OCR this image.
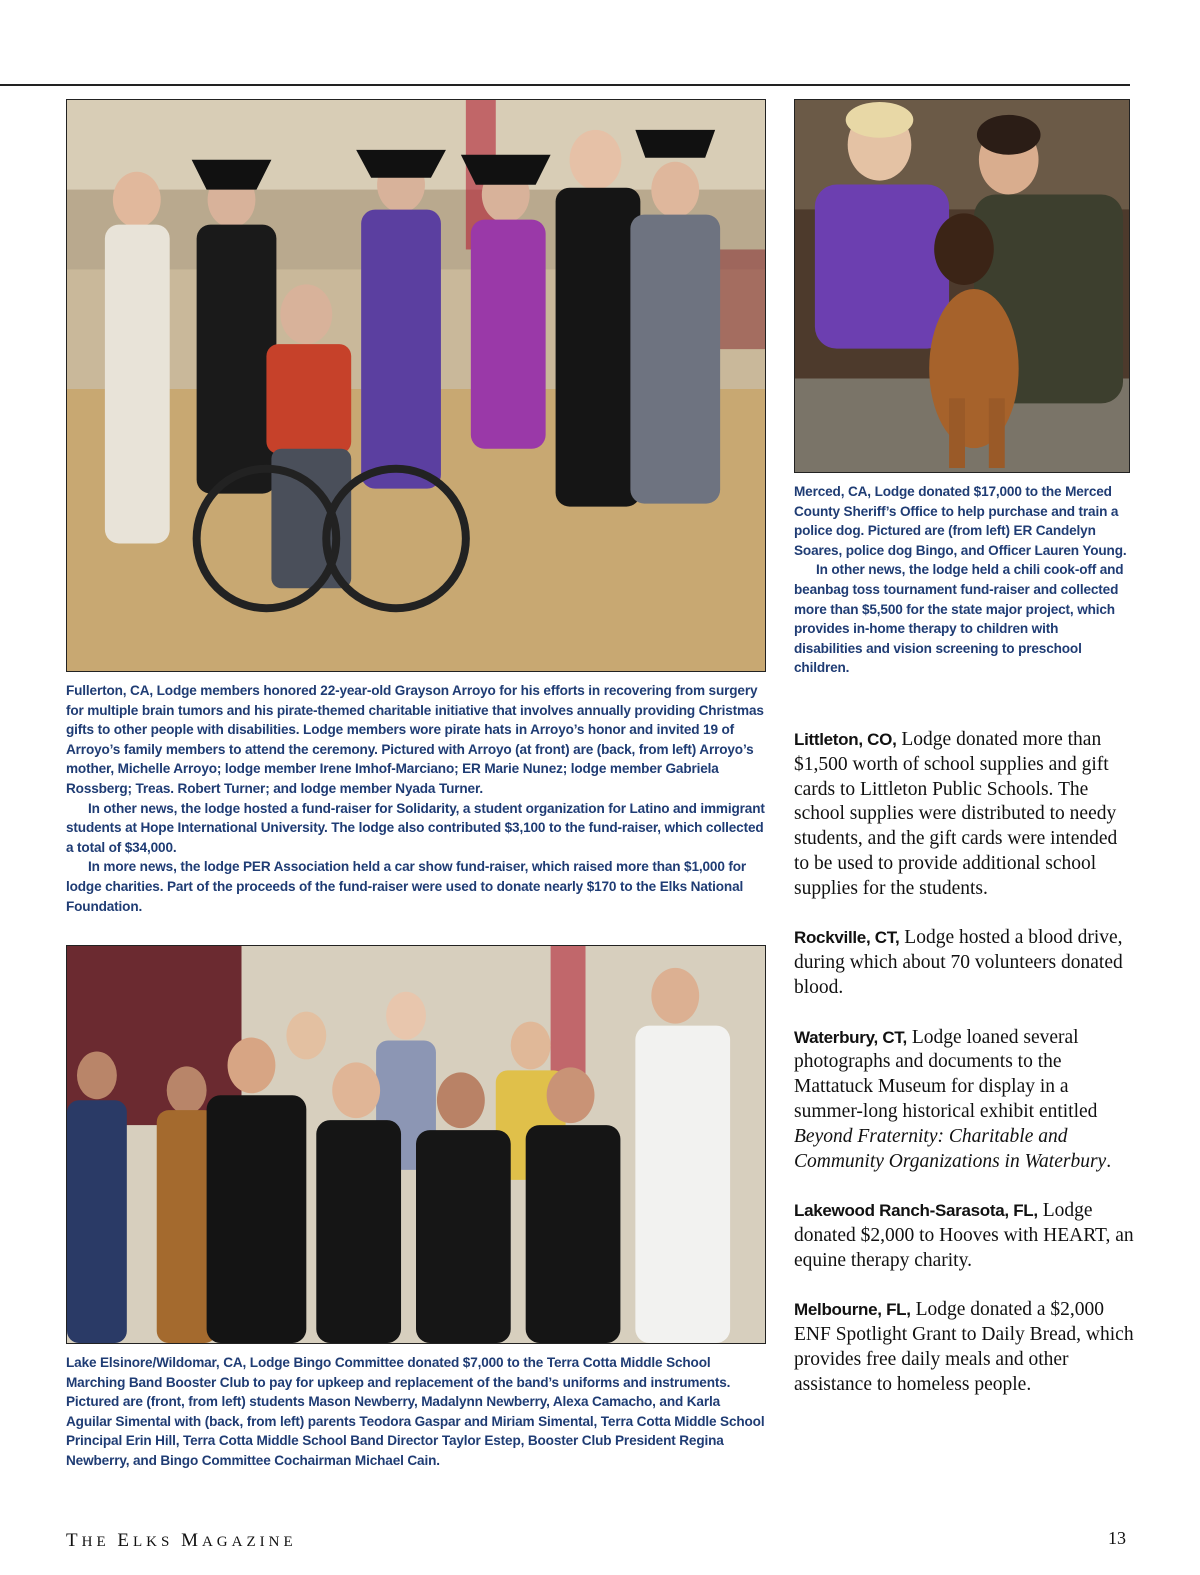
Fullerton, CA, Lodge members honored 22-year-old Grayson Arroyo for his efforts in recovering from surgery for multiple brain tumors and his pirate-themed charitable initiative that involves annually providing Christmas gifts to other people with disabilities. Lodge members wore pirate hats in Arroyo’s honor and invited 19 of Arroyo’s family members to attend the ceremony. Pictured with Arroyo (at front) are (back, from left) Arroyo’s mother, Michelle Arroyo; lodge member Irene Imhof-Marciano; ER Marie Nunez; lodge member Gabriela Rossberg; Treas. Robert Turner; and lodge member Nyada Turner.

In other news, the lodge hosted a fund-raiser for Solidarity, a student organization for Latino and immigrant students at Hope International University. The lodge also contributed $3,100 to the fund-raiser, which collected a total of $34,000.

In more news, the lodge PER Association held a car show fund-raiser, which raised more than $1,000 for lodge charities. Part of the proceeds of the fund-raiser were used to donate nearly $170 to the Elks National Foundation.

Merced, CA, Lodge donated $17,000 to the Merced County Sheriff’s Office to help purchase and train a police dog. Pictured are (from left) ER Candelyn Soares, police dog Bingo, and Officer Lauren Young.

In other news, the lodge held a chili cook-off and beanbag toss tournament fund-raiser and collected more than $5,500 for the state major project, which provides in-home therapy to children with disabilities and vision screening to preschool children.

Lake Elsinore/Wildomar, CA, Lodge Bingo Committee donated $7,000 to the Terra Cotta Middle School Marching Band Booster Club to pay for upkeep and replacement of the band’s uniforms and instruments. Pictured are (front, from left) students Mason Newberry, Madalynn Newberry, Alexa Camacho, and Karla Aguilar Simental with (back, from left) parents Teodora Gaspar and Miriam Simental, Terra Cotta Middle School Principal Erin Hill, Terra Cotta Middle School Band Director Taylor Estep, Booster Club President Regina Newberry, and Bingo Committee Cochairman Michael Cain.

Littleton, CO, Lodge donated more than $1,500 worth of school supplies and gift cards to Littleton Public Schools. The school supplies were distributed to needy students, and the gift cards were intended to be used to provide additional school supplies for the students.

Rockville, CT, Lodge hosted a blood drive, during which about 70 volunteers donated blood.

Waterbury, CT, Lodge loaned several photographs and documents to the Mattatuck Museum for display in a summer-long historical exhibit entitled Beyond Fraternity: Charitable and Community Organizations in Waterbury.

Lakewood Ranch-Sarasota, FL, Lodge donated $2,000 to Hooves with HEART, an equine therapy charity.

Melbourne, FL, Lodge donated a $2,000 ENF Spotlight Grant to Daily Bread, which provides free daily meals and other assistance to homeless people.

THE ELKS MAGAZINE	13
